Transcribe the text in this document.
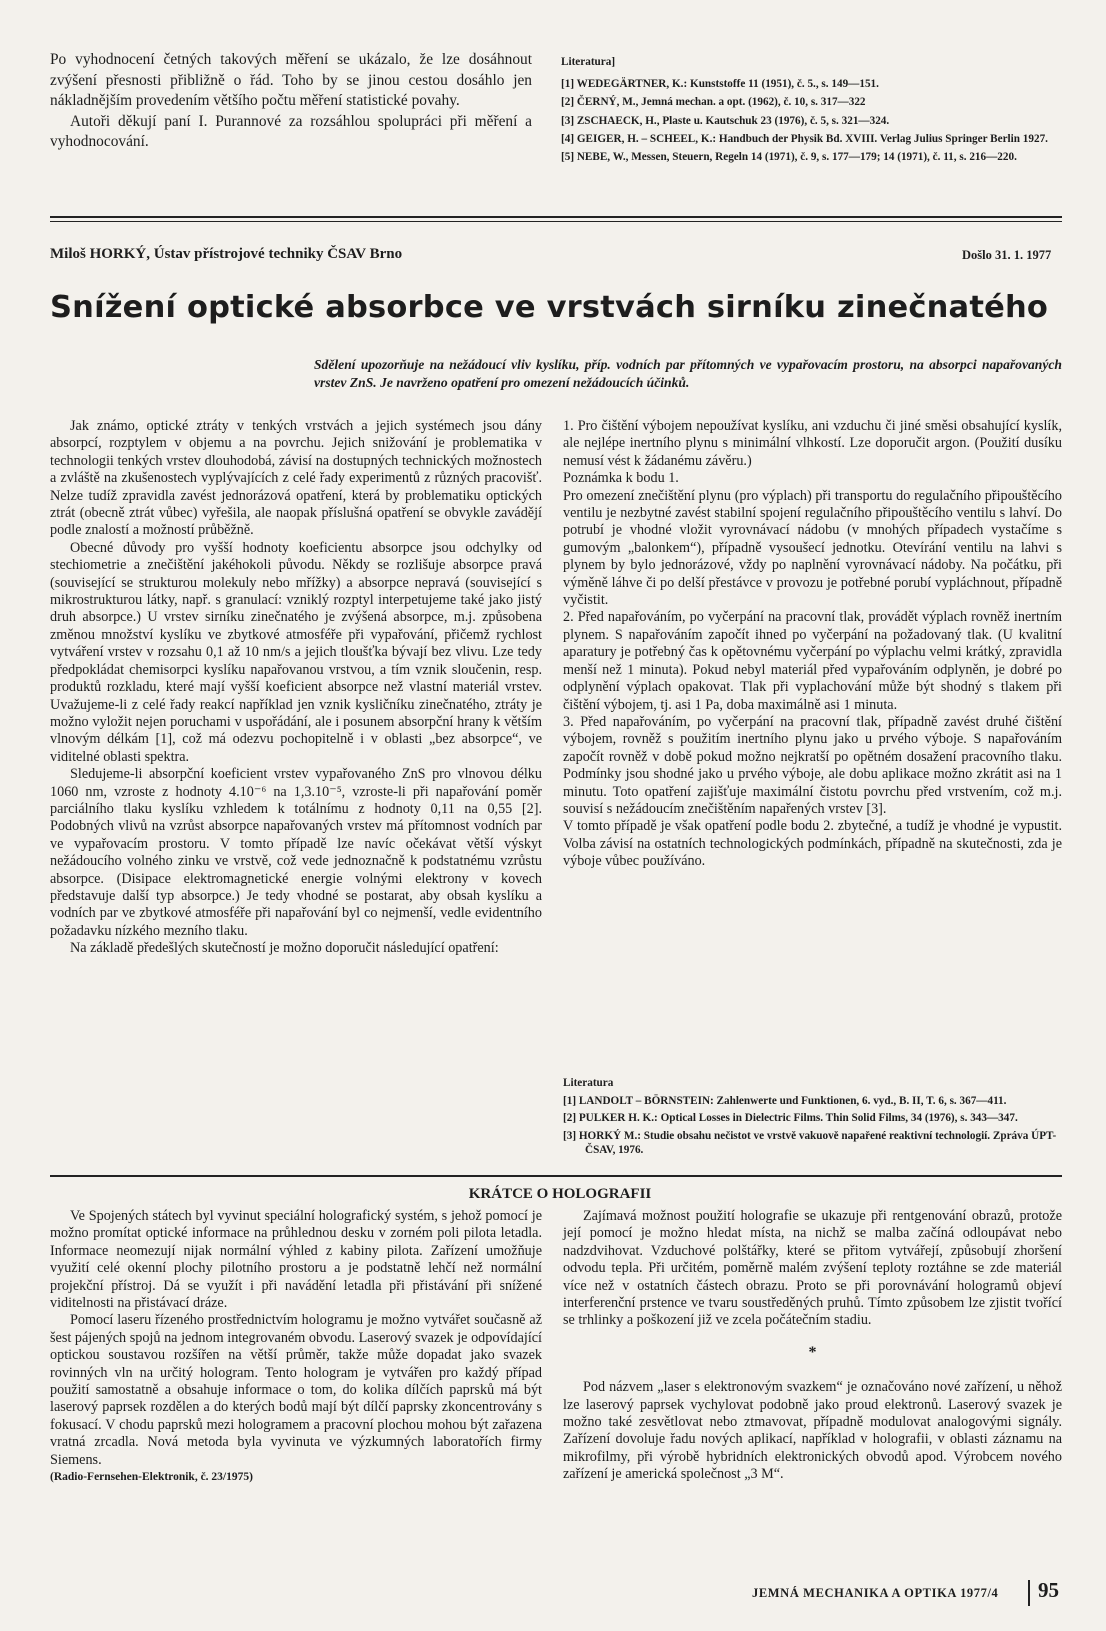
Po vyhodnocení četných takových měření se ukázalo, že lze dosáhnout zvýšení přesnosti přibližně o řád. Toho by se jinou cestou dosáhlo jen nákladnějším provedením většího počtu měření statistické povahy.

Autoři děkují paní I. Purannové za rozsáhlou spolupráci při měření a vyhodnocování.

Literatura]
[1] WEDEGÄRTNER, K.: Kunststoffe 11 (1951), č. 5., s. 149—151.
[2] ČERNÝ, M., Jemná mechan. a opt. (1962), č. 10, s. 317—322
[3] ZSCHAECK, H., Plaste u. Kautschuk 23 (1976), č. 5, s. 321—324.
[4] GEIGER, H. – SCHEEL, K.: Handbuch der Physik Bd. XVIII. Verlag Julius Springer Berlin 1927.
[5] NEBE, W., Messen, Steuern, Regeln 14 (1971), č. 9, s. 177—179; 14 (1971), č. 11, s. 216—220.
Miloš HORKÝ, Ústav přístrojové techniky ČSAV Brno	Došlo 31. 1. 1977
Snížení optické absorbce ve vrstvách sirníku zinečnatého
Sdělení upozorňuje na nežádoucí vliv kyslíku, příp. vodních par přítomných ve vypařovacím prostoru, na absorpci napařovaných vrstev ZnS. Je navrženo opatření pro omezení nežádoucích účinků.

Jak známo, optické ztráty v tenkých vrstvách a jejich systémech jsou dány absorpcí, rozptylem v objemu a na povrchu. Jejich snižování je problematika v technologii tenkých vrstev dlouhodobá, závisí na dostupných technických možnostech a zvláště na zkušenostech vyplývajících z celé řady experimentů z různých pracovišť. Nelze tudíž zpravidla zavést jednorázová opatření, která by problematiku optických ztrát (obecně ztrát vůbec) vyřešila, ale naopak příslušná opatření se obvykle zavádějí podle znalostí a možností průběžně.

Obecné důvody pro vyšší hodnoty koeficientu absorpce jsou odchylky od stechiometrie a znečištění jakéhokoli původu. Někdy se rozlišuje absorpce pravá (související se strukturou molekuly nebo mřížky) a absorpce nepravá (související s mikrostrukturou látky, např. s granulací: vzniklý rozptyl interpetujeme také jako jistý druh absorpce.) U vrstev sirníku zinečnatého je zvýšená absorpce, m.j. způsobena změnou množství kyslíku ve zbytkové atmosféře při vypařování, přičemž rychlost vytváření vrstev v rozsahu 0,1 až 10 nm/s a jejich tloušťka bývají bez vlivu. Lze tedy předpokládat chemisorpci kyslíku napařovanou vrstvou, a tím vznik sloučenin, resp. produktů rozkladu, které mají vyšší koeficient absorpce než vlastní materiál vrstev. Uvažujeme-li z celé řady reakcí například jen vznik kysličníku zinečnatého, ztráty je možno vyložit nejen poruchami v uspořádání, ale i posunem absorpční hrany k větším vlnovým délkám [1], což má odezvu pochopitelně i v oblasti „bez absorpce“, ve viditelné oblasti spektra.

Sledujeme-li absorpční koeficient vrstev vypařovaného ZnS pro vlnovou délku 1060 nm, vzroste z hodnoty 4.10⁻⁶ na 1,3.10⁻⁵, vzroste-li při napařování poměr parciálního tlaku kyslíku vzhledem k totálnímu z hodnoty 0,11 na 0,55 [2]. Podobných vlivů na vzrůst absorpce napařovaných vrstev má přítomnost vodních par ve vypařovacím prostoru. V tomto případě lze navíc očekávat větší výskyt nežádoucího volného zinku ve vrstvě, což vede jednoznačně k podstatnému vzrůstu absorpce. (Disipace elektromagnetické energie volnými elektrony v kovech představuje další typ absorpce.) Je tedy vhodné se postarat, aby obsah kyslíku a vodních par ve zbytkové atmosféře při napařování byl co nejmenší, vedle evidentního požadavku nízkého mezního tlaku.

Na základě předešlých skutečností je možno doporučit následující opatření:

1. Pro čištění výbojem nepoužívat kyslíku, ani vzduchu či jiné směsi obsahující kyslík, ale nejlépe inertního plynu s minimální vlhkostí. Lze doporučit argon. (Použití dusíku nemusí vést k žádanému závěru.)

Poznámka k bodu 1.

Pro omezení znečištění plynu (pro výplach) při transportu do regulačního připouštěcího ventilu je nezbytné zavést stabilní spojení regulačního připouštěcího ventilu s lahví. Do potrubí je vhodné vložit vyrovnávací nádobu (v mnohých případech vystačíme s gumovým „balonkem“), případně vysoušecí jednotku. Otevírání ventilu na lahvi s plynem by bylo jednorázové, vždy po naplnění vyrovnávací nádoby. Na počátku, při výměně láhve či po delší přestávce v provozu je potřebné porubí vypláchnout, případně vyčistit.

2. Před napařováním, po vyčerpání na pracovní tlak, provádět výplach rovněž inertním plynem. S napařováním započít ihned po vyčerpání na požadovaný tlak. (U kvalitní aparatury je potřebný čas k opětovnému vyčerpání po výplachu velmi krátký, zpravidla menší než 1 minuta). Pokud nebyl materiál před vypařováním odplyněn, je dobré po odplynění výplach opakovat. Tlak při vyplachování může být shodný s tlakem při čištění výbojem, tj. asi 1 Pa, doba maximálně asi 1 minuta.

3. Před napařováním, po vyčerpání na pracovní tlak, případně zavést druhé čištění výbojem, rovněž s použitím inertního plynu jako u prvého výboje. S napařováním započít rovněž v době pokud možno nejkratší po opětném dosažení pracovního tlaku. Podmínky jsou shodné jako u prvého výboje, ale dobu aplikace možno zkrátit asi na 1 minutu. Toto opatření zajišťuje maximální čistotu povrchu před vrstvením, což m.j. souvisí s nežádoucím znečištěním napařených vrstev [3].

V tomto případě je však opatření podle bodu 2. zbytečné, a tudíž je vhodné je vypustit. Volba závisí na ostatních technologických podmínkách, případně na skutečnosti, zda je výboje vůbec používáno.

Literatura
[1] LANDOLT – BÖRNSTEIN: Zahlenwerte und Funktionen, 6. vyd., B. II, T. 6, s. 367—411.
[2] PULKER H. K.: Optical Losses in Dielectric Films. Thin Solid Films, 34 (1976), s. 343—347.
[3] HORKÝ M.: Studie obsahu nečistot ve vrstvě vakuově napařené reaktivní technologií. Zpráva ÚPT-ČSAV, 1976.
KRÁTCE O HOLOGRAFII

Ve Spojených státech byl vyvinut speciální holografický systém, s jehož pomocí je možno promítat optické informace na průhlednou desku v zorném poli pilota letadla. Informace neomezují nijak normální výhled z kabiny pilota. Zařízení umožňuje využití celé okenní plochy pilotního prostoru a je podstatně lehčí než normální projekční přístroj. Dá se využít i při navádění letadla při přistávání při snížené viditelnosti na přistávací dráze.

Pomocí laseru řízeného prostřednictvím hologramu je možno vytvářet současně až šest pájených spojů na jednom integrovaném obvodu. Laserový svazek je odpovídající optickou soustavou rozšířen na větší průměr, takže může dopadat jako svazek rovinných vln na určitý hologram. Tento hologram je vytvářen pro každý případ použití samostatně a obsahuje informace o tom, do kolika dílčích paprsků má být laserový paprsek rozdělen a do kterých bodů mají být dílčí paprsky zkoncentrovány s fokusací. V chodu paprsků mezi hologramem a pracovní plochou mohou být zařazena vratná zrcadla. Nová metoda byla vyvinuta ve výzkumných laboratořích firmy Siemens.

(Radio-Fernsehen-Elektronik, č. 23/1975)

Zajímavá možnost použití holografie se ukazuje při rentgenování obrazů, protože její pomocí je možno hledat místa, na nichž se malba začíná odloupávat nebo nadzdvihovat. Vzduchové polštářky, které se přitom vytvářejí, způsobují zhoršení odvodu tepla. Při určitém, poměrně malém zvýšení teploty roztáhne se zde materiál více než v ostatních částech obrazu. Proto se při porovnávání hologramů objeví interferenční prstence ve tvaru soustředěných pruhů. Tímto způsobem lze zjistit tvořící se trhlinky a poškození již ve zcela počátečním stadiu.

*

Pod názvem „laser s elektronovým svazkem“ je označováno nové zařízení, u něhož lze laserový paprsek vychylovat podobně jako proud elektronů. Laserový svazek je možno také zesvětlovat nebo ztmavovat, případně modulovat analogovými signály. Zařízení dovoluje řadu nových aplikací, například v holografii, v oblasti záznamu na mikrofilmy, při výrobě hybridních elektronických obvodů apod. Výrobcem nového zařízení je americká společnost „3 M“.

JEMNÁ MECHANIKA A OPTIKA 1977/4 95
